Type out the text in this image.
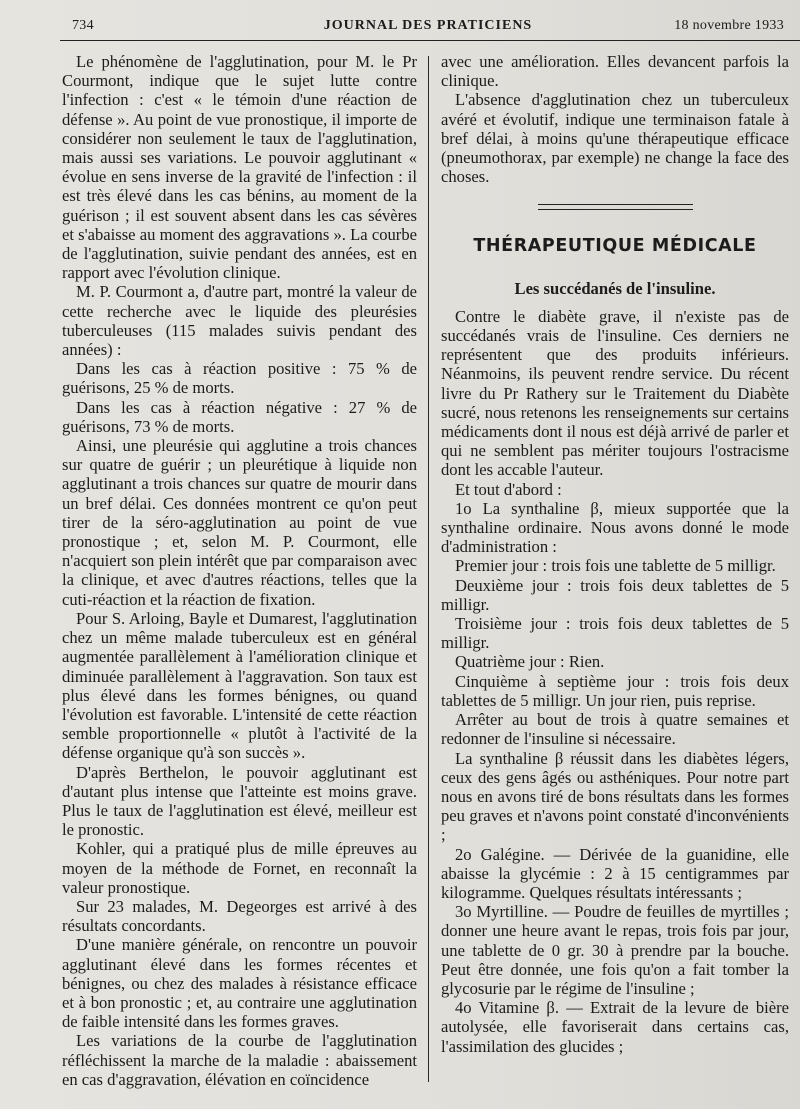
734	JOURNAL DES PRATICIENS	18 novembre 1933

Le phénomène de l'agglutination, pour M. le Pr Courmont, indique que le sujet lutte contre l'infection : c'est « le témoin d'une réaction de défense ». Au point de vue pronostique, il importe de considérer non seulement le taux de l'agglutination, mais aussi ses variations. Le pouvoir agglutinant « évolue en sens inverse de la gravité de l'infection : il est très élevé dans les cas bénins, au moment de la guérison ; il est souvent absent dans les cas sévères et s'abaisse au moment des aggravations ». La courbe de l'agglutination, suivie pendant des années, est en rapport avec l'évolution clinique.

M. P. Courmont a, d'autre part, montré la valeur de cette recherche avec le liquide des pleurésies tuberculeuses (115 malades suivis pendant des années) :

Dans les cas à réaction positive : 75 % de guérisons, 25 % de morts.

Dans les cas à réaction négative : 27 % de guérisons, 73 % de morts.

Ainsi, une pleurésie qui agglutine a trois chances sur quatre de guérir ; un pleurétique à liquide non agglutinant a trois chances sur quatre de mourir dans un bref délai. Ces données montrent ce qu'on peut tirer de la séro-agglutination au point de vue pronostique ; et, selon M. P. Courmont, elle n'acquiert son plein intérêt que par comparaison avec la clinique, et avec d'autres réactions, telles que la cuti-réaction et la réaction de fixation.

Pour S. Arloing, Bayle et Dumarest, l'agglutination chez un même malade tuberculeux est en général augmentée parallèlement à l'amélioration clinique et diminuée parallèlement à l'aggravation. Son taux est plus élevé dans les formes bénignes, ou quand l'évolution est favorable. L'intensité de cette réaction semble proportionnelle « plutôt à l'activité de la défense organique qu'à son succès ».

D'après Berthelon, le pouvoir agglutinant est d'autant plus intense que l'atteinte est moins grave. Plus le taux de l'agglutination est élevé, meilleur est le pronostic.

Kohler, qui a pratiqué plus de mille épreuves au moyen de la méthode de Fornet, en reconnaît la valeur pronostique.

Sur 23 malades, M. Degeorges est arrivé à des résultats concordants.

D'une manière générale, on rencontre un pouvoir agglutinant élevé dans les formes récentes et bénignes, ou chez des malades à résistance efficace et à bon pronostic ; et, au contraire une agglutination de faible intensité dans les formes graves.

Les variations de la courbe de l'agglutination réfléchissent la marche de la maladie : abaissement en cas d'aggravation, élévation en coïncidence

avec une amélioration. Elles devancent parfois la clinique.

L'absence d'agglutination chez un tuberculeux avéré et évolutif, indique une terminaison fatale à bref délai, à moins qu'une thérapeutique efficace (pneumothorax, par exemple) ne change la face des choses.

THÉRAPEUTIQUE MÉDICALE
Les succédanés de l'insuline.

Contre le diabète grave, il n'existe pas de succédanés vrais de l'insuline. Ces derniers ne représentent que des produits inférieurs. Néanmoins, ils peuvent rendre service. Du récent livre du Pr Rathery sur le Traitement du Diabète sucré, nous retenons les renseignements sur certains médicaments dont il nous est déjà arrivé de parler et qui ne semblent pas mériter toujours l'ostracisme dont les accable l'auteur.

Et tout d'abord :

1o La synthaline β, mieux supportée que la synthaline ordinaire. Nous avons donné le mode d'administration :

Premier jour : trois fois une tablette de 5 milligr.

Deuxième jour : trois fois deux tablettes de 5 milligr.

Troisième jour : trois fois deux tablettes de 5 milligr.

Quatrième jour : Rien.

Cinquième à septième jour : trois fois deux tablettes de 5 milligr. Un jour rien, puis reprise.

Arrêter au bout de trois à quatre semaines et redonner de l'insuline si nécessaire.

La synthaline β réussit dans les diabètes légers, ceux des gens âgés ou asthéniques. Pour notre part nous en avons tiré de bons résultats dans les formes peu graves et n'avons point constaté d'inconvénients ;

2o Galégine. — Dérivée de la guanidine, elle abaisse la glycémie : 2 à 15 centigrammes par kilogramme. Quelques résultats intéressants ;

3o Myrtilline. — Poudre de feuilles de myrtilles ; donner une heure avant le repas, trois fois par jour, une tablette de 0 gr. 30 à prendre par la bouche. Peut être donnée, une fois qu'on a fait tomber la glycosurie par le régime de l'insuline ;

4o Vitamine β. — Extrait de la levure de bière autolysée, elle favoriserait dans certains cas, l'assimilation des glucides ;
